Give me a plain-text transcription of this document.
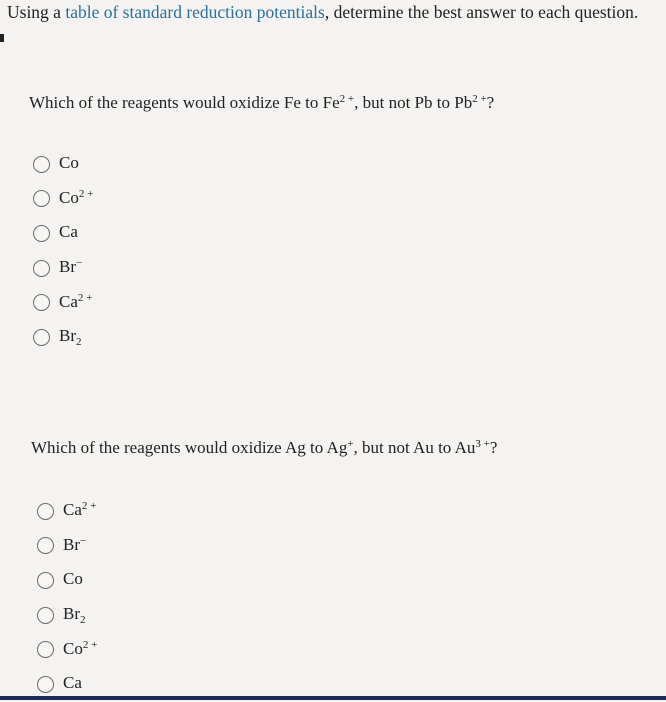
Using a table of standard reduction potentials, determine the best answer to each question.
Which of the reagents would oxidize Fe to $Fe^{2 +}$, but not Pb to $Pb^{2 +}$?
Co
$Co^{2 +}$
Ca
Br−
$Ca^{2 +}$
$Br_2$
Which of the reagents would oxidize Ag to Ag+, but not Au to $Au^{3 +}$?
$Ca^{2 +}$
Br−
Co
$Br_2$
$Co^{2 +}$
Ca
